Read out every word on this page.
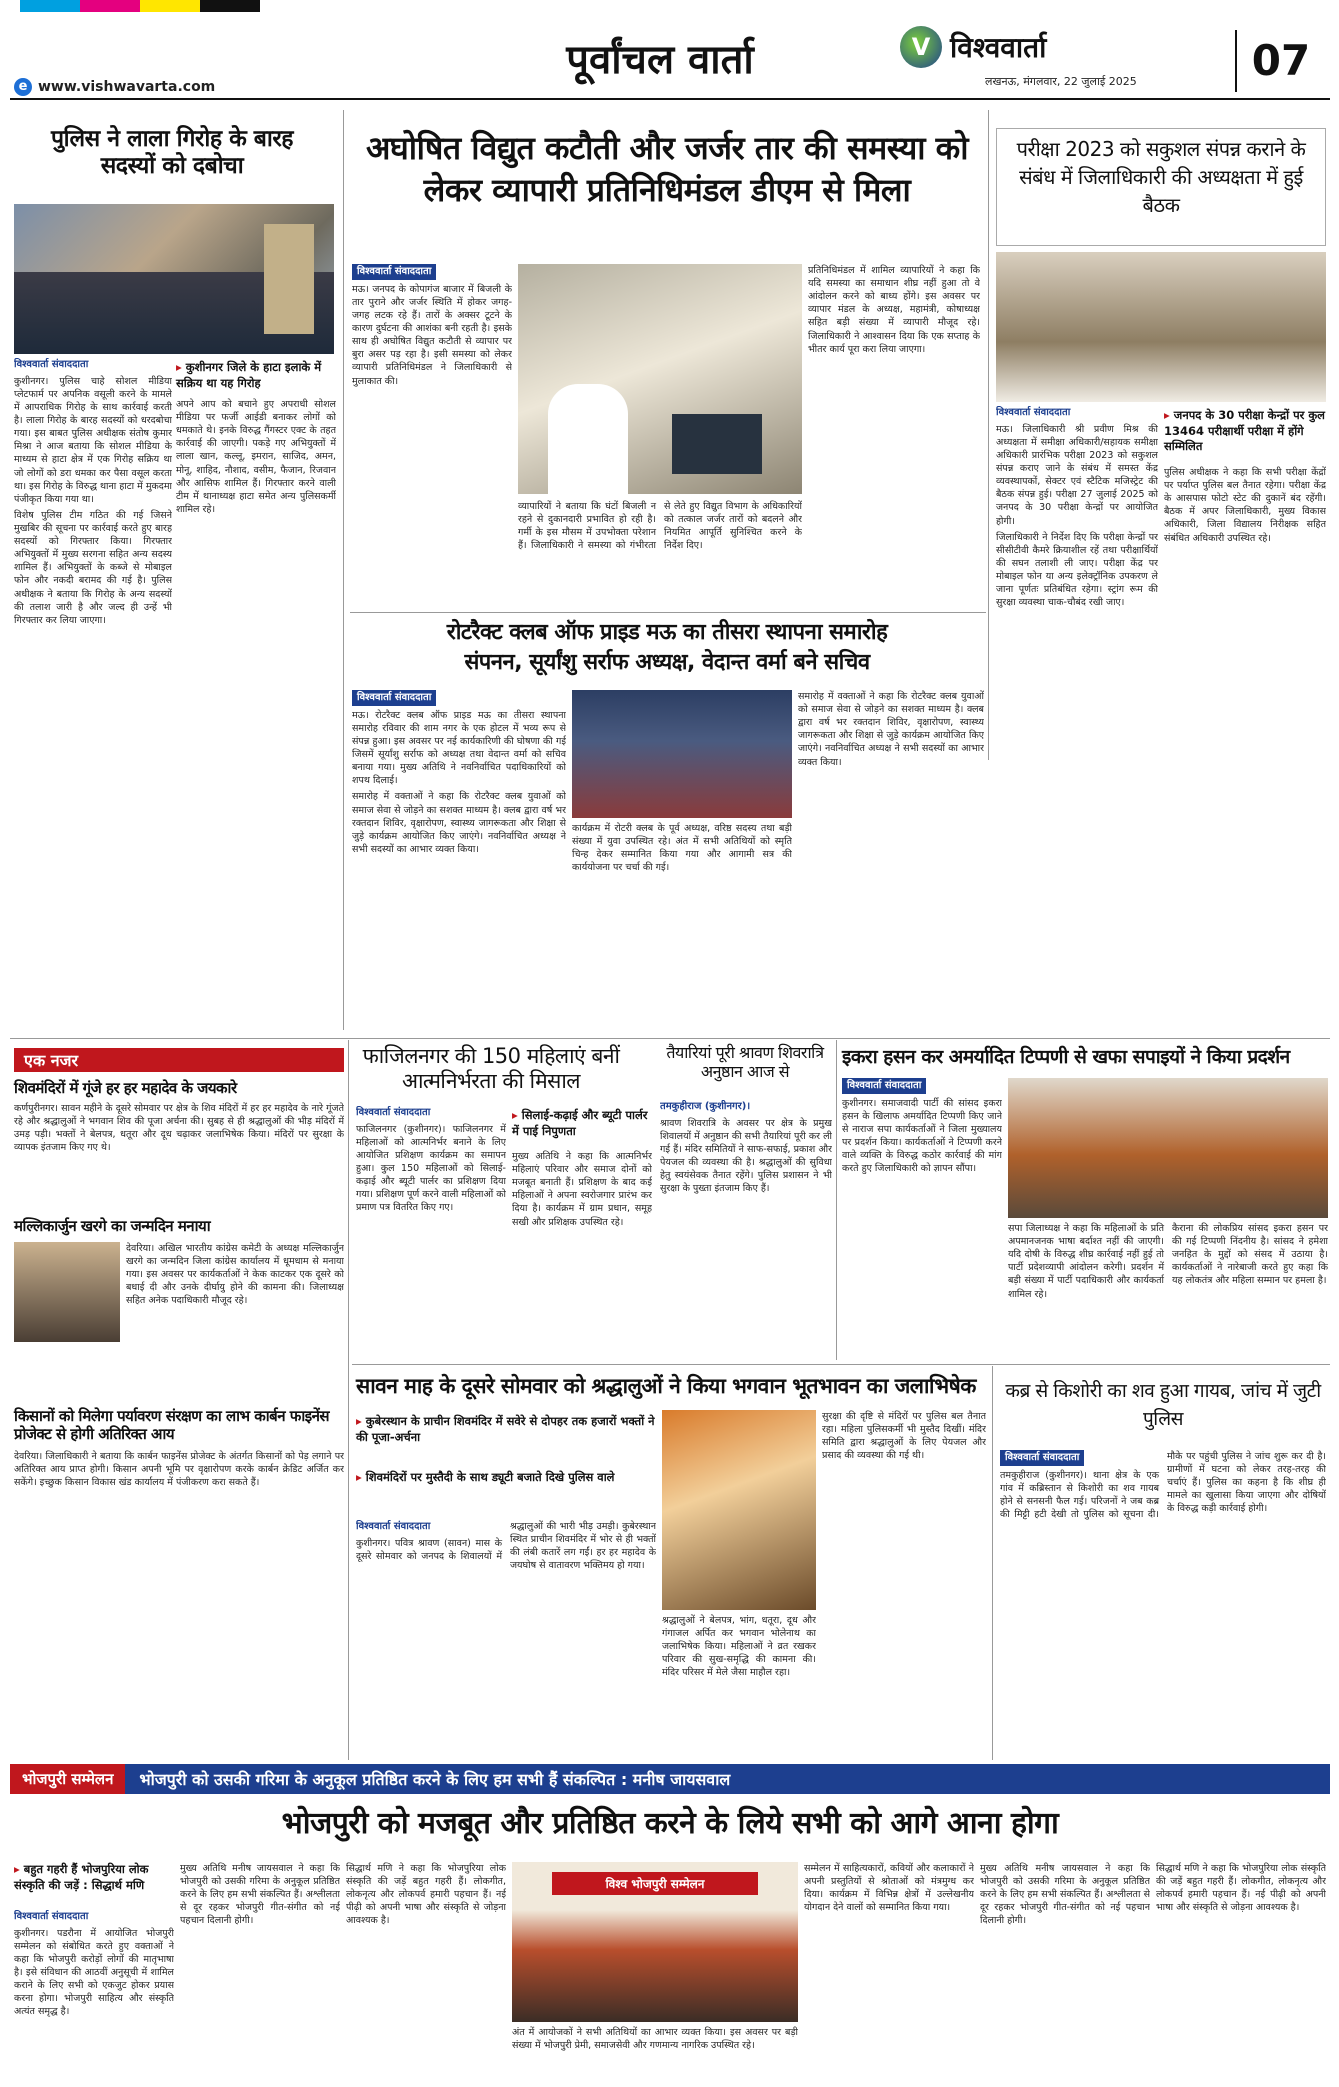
पूर्वांचल वार्ता
e www.vishwavarta.com
V विश्ववार्ता
लखनऊ, मंगलवार, 22 जुलाई 2025	07
पुलिस ने लाला गिरोह के बारह सदस्यों को दबोचा
विश्ववार्ता संवाददाता

कुशीनगर। पुलिस चाहे सोशल मीडिया प्लेटफार्म पर अपनिक वसूली करने के मामले में आपराधिक गिरोह के साथ कार्रवाई करती है। लाला गिरोह के बारह सदस्यों को धरदबोचा गया। इस बाबत पुलिस अधीक्षक संतोष कुमार मिश्रा ने आज बताया कि सोशल मीडिया के माध्यम से हाटा क्षेत्र में एक गिरोह सक्रिय था जो लोगों को डरा धमका कर पैसा वसूल करता था। इस गिरोह के विरुद्ध थाना हाटा में मुकदमा पंजीकृत किया गया था।

विशेष पुलिस टीम गठित की गई जिसने मुखबिर की सूचना पर कार्रवाई करते हुए बारह सदस्यों को गिरफ्तार किया। गिरफ्तार अभियुक्तों में मुख्य सरगना सहित अन्य सदस्य शामिल हैं। अभियुक्तों के कब्जे से मोबाइल फोन और नकदी बरामद की गई है। पुलिस अधीक्षक ने बताया कि गिरोह के अन्य सदस्यों की तलाश जारी है और जल्द ही उन्हें भी गिरफ्तार कर लिया जाएगा।

▸ कुशीनगर जिले के हाटा इलाके में सक्रिय था यह गिरोह

अपने आप को बचाने हुए अपराधी सोशल मीडिया पर फर्जी आईडी बनाकर लोगों को धमकाते थे। इनके विरुद्ध गैंगस्टर एक्ट के तहत कार्रवाई की जाएगी। पकड़े गए अभियुक्तों में लाला खान, कल्लू, इमरान, साजिद, अमन, मोनू, शाहिद, नौशाद, वसीम, फैजान, रिजवान और आसिफ शामिल हैं। गिरफ्तार करने वाली टीम में थानाध्यक्ष हाटा समेत अन्य पुलिसकर्मी शामिल रहे।

अघोषित विद्युत कटौती और जर्जर तार की समस्या को लेकर व्यापारी प्रतिनिधिमंडल डीएम से मिला
विश्ववार्ता संवाददाता

मऊ। जनपद के कोपागंज बाजार में बिजली के तार पुराने और जर्जर स्थिति में होकर जगह-जगह लटक रहे हैं। तारों के अक्सर टूटने के कारण दुर्घटना की आशंका बनी रहती है। इसके साथ ही अघोषित विद्युत कटौती से व्यापार पर बुरा असर पड़ रहा है। इसी समस्या को लेकर व्यापारी प्रतिनिधिमंडल ने जिलाधिकारी से मुलाकात की।

व्यापारियों ने बताया कि घंटों बिजली न रहने से दुकानदारी प्रभावित हो रही है। गर्मी के इस मौसम में उपभोक्ता परेशान हैं। जिलाधिकारी ने समस्या को गंभीरता से लेते हुए विद्युत विभाग के अधिकारियों को तत्काल जर्जर तारों को बदलने और नियमित आपूर्ति सुनिश्चित करने के निर्देश दिए।

प्रतिनिधिमंडल में शामिल व्यापारियों ने कहा कि यदि समस्या का समाधान शीघ्र नहीं हुआ तो वे आंदोलन करने को बाध्य होंगे। इस अवसर पर व्यापार मंडल के अध्यक्ष, महामंत्री, कोषाध्यक्ष सहित बड़ी संख्या में व्यापारी मौजूद रहे। जिलाधिकारी ने आश्वासन दिया कि एक सप्ताह के भीतर कार्य पूरा करा लिया जाएगा।

परीक्षा 2023 को सकुशल संपन्न कराने के संबंध में जिलाधिकारी की अध्यक्षता में हुई बैठक
विश्ववार्ता संवाददाता

मऊ। जिलाधिकारी श्री प्रवीण मिश्र की अध्यक्षता में समीक्षा अधिकारी/सहायक समीक्षा अधिकारी प्रारंभिक परीक्षा 2023 को सकुशल संपन्न कराए जाने के संबंध में समस्त केंद्र व्यवस्थापकों, सेक्टर एवं स्टैटिक मजिस्ट्रेट की बैठक संपन्न हुई। परीक्षा 27 जुलाई 2025 को जनपद के 30 परीक्षा केन्द्रों पर आयोजित होगी।

जिलाधिकारी ने निर्देश दिए कि परीक्षा केन्द्रों पर सीसीटीवी कैमरे क्रियाशील रहें तथा परीक्षार्थियों की सघन तलाशी ली जाए। परीक्षा केंद्र पर मोबाइल फोन या अन्य इलेक्ट्रॉनिक उपकरण ले जाना पूर्णतः प्रतिबंधित रहेगा। स्ट्रांग रूम की सुरक्षा व्यवस्था चाक-चौबंद रखी जाए।

▸ जनपद के 30 परीक्षा केन्द्रों पर कुल 13464 परीक्षार्थी परीक्षा में होंगे सम्मिलित

पुलिस अधीक्षक ने कहा कि सभी परीक्षा केंद्रों पर पर्याप्त पुलिस बल तैनात रहेगा। परीक्षा केंद्र के आसपास फोटो स्टेट की दुकानें बंद रहेंगी। बैठक में अपर जिलाधिकारी, मुख्य विकास अधिकारी, जिला विद्यालय निरीक्षक सहित संबंधित अधिकारी उपस्थित रहे।

रोटरैक्ट क्लब ऑफ प्राइड मऊ का तीसरा स्थापना समारोह
संपनन, सूर्यांशु सर्राफ अध्यक्ष, वेदान्त वर्मा बने सचिव
विश्ववार्ता संवाददाता

मऊ। रोटरैक्ट क्लब ऑफ प्राइड मऊ का तीसरा स्थापना समारोह रविवार की शाम नगर के एक होटल में भव्य रूप से संपन्न हुआ। इस अवसर पर नई कार्यकारिणी की घोषणा की गई जिसमें सूर्यांशु सर्राफ को अध्यक्ष तथा वेदान्त वर्मा को सचिव बनाया गया। मुख्य अतिथि ने नवनिर्वाचित पदाधिकारियों को शपथ दिलाई।

समारोह में वक्ताओं ने कहा कि रोटरैक्ट क्लब युवाओं को समाज सेवा से जोड़ने का सशक्त माध्यम है। क्लब द्वारा वर्ष भर रक्तदान शिविर, वृक्षारोपण, स्वास्थ्य जागरूकता और शिक्षा से जुड़े कार्यक्रम आयोजित किए जाएंगे। नवनिर्वाचित अध्यक्ष ने सभी सदस्यों का आभार व्यक्त किया।

कार्यक्रम में रोटरी क्लब के पूर्व अध्यक्ष, वरिष्ठ सदस्य तथा बड़ी संख्या में युवा उपस्थित रहे। अंत में सभी अतिथियों को स्मृति चिन्ह देकर सम्मानित किया गया और आगामी सत्र की कार्ययोजना पर चर्चा की गई।

समारोह में वक्ताओं ने कहा कि रोटरैक्ट क्लब युवाओं को समाज सेवा से जोड़ने का सशक्त माध्यम है। क्लब द्वारा वर्ष भर रक्तदान शिविर, वृक्षारोपण, स्वास्थ्य जागरूकता और शिक्षा से जुड़े कार्यक्रम आयोजित किए जाएंगे। नवनिर्वाचित अध्यक्ष ने सभी सदस्यों का आभार व्यक्त किया।

एक नजर
शिवमंदिरों में गूंजे हर हर महादेव के जयकारे
कर्णपुरीनगर। सावन महीने के दूसरे सोमवार पर क्षेत्र के शिव मंदिरों में हर हर महादेव के नारे गूंजते रहे और श्रद्धालुओं ने भगवान शिव की पूजा अर्चना की। सुबह से ही श्रद्धालुओं की भीड़ मंदिरों में उमड़ पड़ी। भक्तों ने बेलपत्र, धतूरा और दूध चढ़ाकर जलाभिषेक किया। मंदिरों पर सुरक्षा के व्यापक इंतजाम किए गए थे।
मल्लिकार्जुन खरगे का जन्मदिन मनाया
देवरिया। अखिल भारतीय कांग्रेस कमेटी के अध्यक्ष मल्लिकार्जुन खरगे का जन्मदिन जिला कांग्रेस कार्यालय में धूमधाम से मनाया गया। इस अवसर पर कार्यकर्ताओं ने केक काटकर एक दूसरे को बधाई दी और उनके दीर्घायु होने की कामना की। जिलाध्यक्ष सहित अनेक पदाधिकारी मौजूद रहे।
किसानों को मिलेगा पर्यावरण संरक्षण का लाभ कार्बन फाइनेंस प्रोजेक्ट से होगी अतिरिक्त आय
देवरिया। जिलाधिकारी ने बताया कि कार्बन फाइनेंस प्रोजेक्ट के अंतर्गत किसानों को पेड़ लगाने पर अतिरिक्त आय प्राप्त होगी। किसान अपनी भूमि पर वृक्षारोपण करके कार्बन क्रेडिट अर्जित कर सकेंगे। इच्छुक किसान विकास खंड कार्यालय में पंजीकरण करा सकते हैं।
फाजिलनगर की 150 महिलाएं बनीं आत्मनिर्भरता की मिसाल
विश्ववार्ता संवाददाता

फाजिलनगर (कुशीनगर)। फाजिलनगर में महिलाओं को आत्मनिर्भर बनाने के लिए आयोजित प्रशिक्षण कार्यक्रम का समापन हुआ। कुल 150 महिलाओं को सिलाई-कढ़ाई और ब्यूटी पार्लर का प्रशिक्षण दिया गया। प्रशिक्षण पूर्ण करने वाली महिलाओं को प्रमाण पत्र वितरित किए गए।

▸ सिलाई-कढ़ाई और ब्यूटी पार्लर में पाई निपुणता

मुख्य अतिथि ने कहा कि आत्मनिर्भर महिलाएं परिवार और समाज दोनों को मजबूत बनाती हैं। प्रशिक्षण के बाद कई महिलाओं ने अपना स्वरोजगार प्रारंभ कर दिया है। कार्यक्रम में ग्राम प्रधान, समूह सखी और प्रशिक्षक उपस्थित रहे।

तैयारियां पूरी श्रावण शिवरात्रि अनुष्ठान आज से
तमकुहीराज (कुशीनगर)।

श्रावण शिवरात्रि के अवसर पर क्षेत्र के प्रमुख शिवालयों में अनुष्ठान की सभी तैयारियां पूरी कर ली गई हैं। मंदिर समितियों ने साफ-सफाई, प्रकाश और पेयजल की व्यवस्था की है। श्रद्धालुओं की सुविधा हेतु स्वयंसेवक तैनात रहेंगे। पुलिस प्रशासन ने भी सुरक्षा के पुख्ता इंतजाम किए हैं।

इकरा हसन कर अमर्यादित टिप्पणी से खफा सपाइयों ने किया प्रदर्शन
विश्ववार्ता संवाददाता

कुशीनगर। समाजवादी पार्टी की सांसद इकरा हसन के खिलाफ अमर्यादित टिप्पणी किए जाने से नाराज सपा कार्यकर्ताओं ने जिला मुख्यालय पर प्रदर्शन किया। कार्यकर्ताओं ने टिप्पणी करने वाले व्यक्ति के विरुद्ध कठोर कार्रवाई की मांग करते हुए जिलाधिकारी को ज्ञापन सौंपा।

सपा जिलाध्यक्ष ने कहा कि महिलाओं के प्रति अपमानजनक भाषा बर्दाश्त नहीं की जाएगी। यदि दोषी के विरुद्ध शीघ्र कार्रवाई नहीं हुई तो पार्टी प्रदेशव्यापी आंदोलन करेगी। प्रदर्शन में बड़ी संख्या में पार्टी पदाधिकारी और कार्यकर्ता शामिल रहे।

कैराना की लोकप्रिय सांसद इकरा हसन पर की गई टिप्पणी निंदनीय है। सांसद ने हमेशा जनहित के मुद्दों को संसद में उठाया है। कार्यकर्ताओं ने नारेबाजी करते हुए कहा कि यह लोकतंत्र और महिला सम्मान पर हमला है।

सावन माह के दूसरे सोमवार को श्रद्धालुओं ने किया भगवान भूतभावन का जलाभिषेक
▸ कुबेरस्थान के प्राचीन शिवमंदिर में सवेरे से दोपहर तक हजारों भक्तों ने की पूजा-अर्चना
▸ शिवमंदिरों पर मुस्तैदी के साथ ड्यूटी बजाते दिखे पुलिस वाले
विश्ववार्ता संवाददाता

कुशीनगर। पवित्र श्रावण (सावन) मास के दूसरे सोमवार को जनपद के शिवालयों में श्रद्धालुओं की भारी भीड़ उमड़ी। कुबेरस्थान स्थित प्राचीन शिवमंदिर में भोर से ही भक्तों की लंबी कतारें लग गईं। हर हर महादेव के जयघोष से वातावरण भक्तिमय हो गया।

श्रद्धालुओं ने बेलपत्र, भांग, धतूरा, दूध और गंगाजल अर्पित कर भगवान भोलेनाथ का जलाभिषेक किया। महिलाओं ने व्रत रखकर परिवार की सुख-समृद्धि की कामना की। मंदिर परिसर में मेले जैसा माहौल रहा।

सुरक्षा की दृष्टि से मंदिरों पर पुलिस बल तैनात रहा। महिला पुलिसकर्मी भी मुस्तैद दिखीं। मंदिर समिति द्वारा श्रद्धालुओं के लिए पेयजल और प्रसाद की व्यवस्था की गई थी।

कब्र से किशोरी का शव हुआ गायब, जांच में जुटी पुलिस
विश्ववार्ता संवाददाता

तमकुहीराज (कुशीनगर)। थाना क्षेत्र के एक गांव में कब्रिस्तान से किशोरी का शव गायब होने से सनसनी फैल गई। परिजनों ने जब कब्र की मिट्टी हटी देखी तो पुलिस को सूचना दी। मौके पर पहुंची पुलिस ने जांच शुरू कर दी है। ग्रामीणों में घटना को लेकर तरह-तरह की चर्चाएं हैं। पुलिस का कहना है कि शीघ्र ही मामले का खुलासा किया जाएगा और दोषियों के विरुद्ध कड़ी कार्रवाई होगी।

भोजपुरी सम्मेलन	भोजपुरी को उसकी गरिमा के अनुकूल प्रतिष्ठित करने के लिए हम सभी हैं संकल्पित : मनीष जायसवाल
भोजपुरी को मजबूत और प्रतिष्ठित करने के लिये सभी को आगे आना होगा
▸ बहुत गहरी हैं भोजपुरिया लोक संस्कृति की जड़ें : सिद्धार्थ मणि
विश्ववार्ता संवाददाता

कुशीनगर। पडरौना में आयोजित भोजपुरी सम्मेलन को संबोधित करते हुए वक्ताओं ने कहा कि भोजपुरी करोड़ों लोगों की मातृभाषा है। इसे संविधान की आठवीं अनुसूची में शामिल कराने के लिए सभी को एकजुट होकर प्रयास करना होगा। भोजपुरी साहित्य और संस्कृति अत्यंत समृद्ध है।

मुख्य अतिथि मनीष जायसवाल ने कहा कि भोजपुरी को उसकी गरिमा के अनुकूल प्रतिष्ठित करने के लिए हम सभी संकल्पित हैं। अश्लीलता से दूर रहकर भोजपुरी गीत-संगीत को नई पहचान दिलानी होगी।

सिद्धार्थ मणि ने कहा कि भोजपुरिया लोक संस्कृति की जड़ें बहुत गहरी हैं। लोकगीत, लोकनृत्य और लोकपर्व हमारी पहचान हैं। नई पीढ़ी को अपनी भाषा और संस्कृति से जोड़ना आवश्यक है।

विश्व भोजपुरी सम्मेलन

अंत में आयोजकों ने सभी अतिथियों का आभार व्यक्त किया। इस अवसर पर बड़ी संख्या में भोजपुरी प्रेमी, समाजसेवी और गणमान्य नागरिक उपस्थित रहे।

सम्मेलन में साहित्यकारों, कवियों और कलाकारों ने अपनी प्रस्तुतियों से श्रोताओं को मंत्रमुग्ध कर दिया। कार्यक्रम में विभिन्न क्षेत्रों में उल्लेखनीय योगदान देने वालों को सम्मानित किया गया।

मुख्य अतिथि मनीष जायसवाल ने कहा कि भोजपुरी को उसकी गरिमा के अनुकूल प्रतिष्ठित करने के लिए हम सभी संकल्पित हैं। अश्लीलता से दूर रहकर भोजपुरी गीत-संगीत को नई पहचान दिलानी होगी।

सिद्धार्थ मणि ने कहा कि भोजपुरिया लोक संस्कृति की जड़ें बहुत गहरी हैं। लोकगीत, लोकनृत्य और लोकपर्व हमारी पहचान हैं। नई पीढ़ी को अपनी भाषा और संस्कृति से जोड़ना आवश्यक है।
